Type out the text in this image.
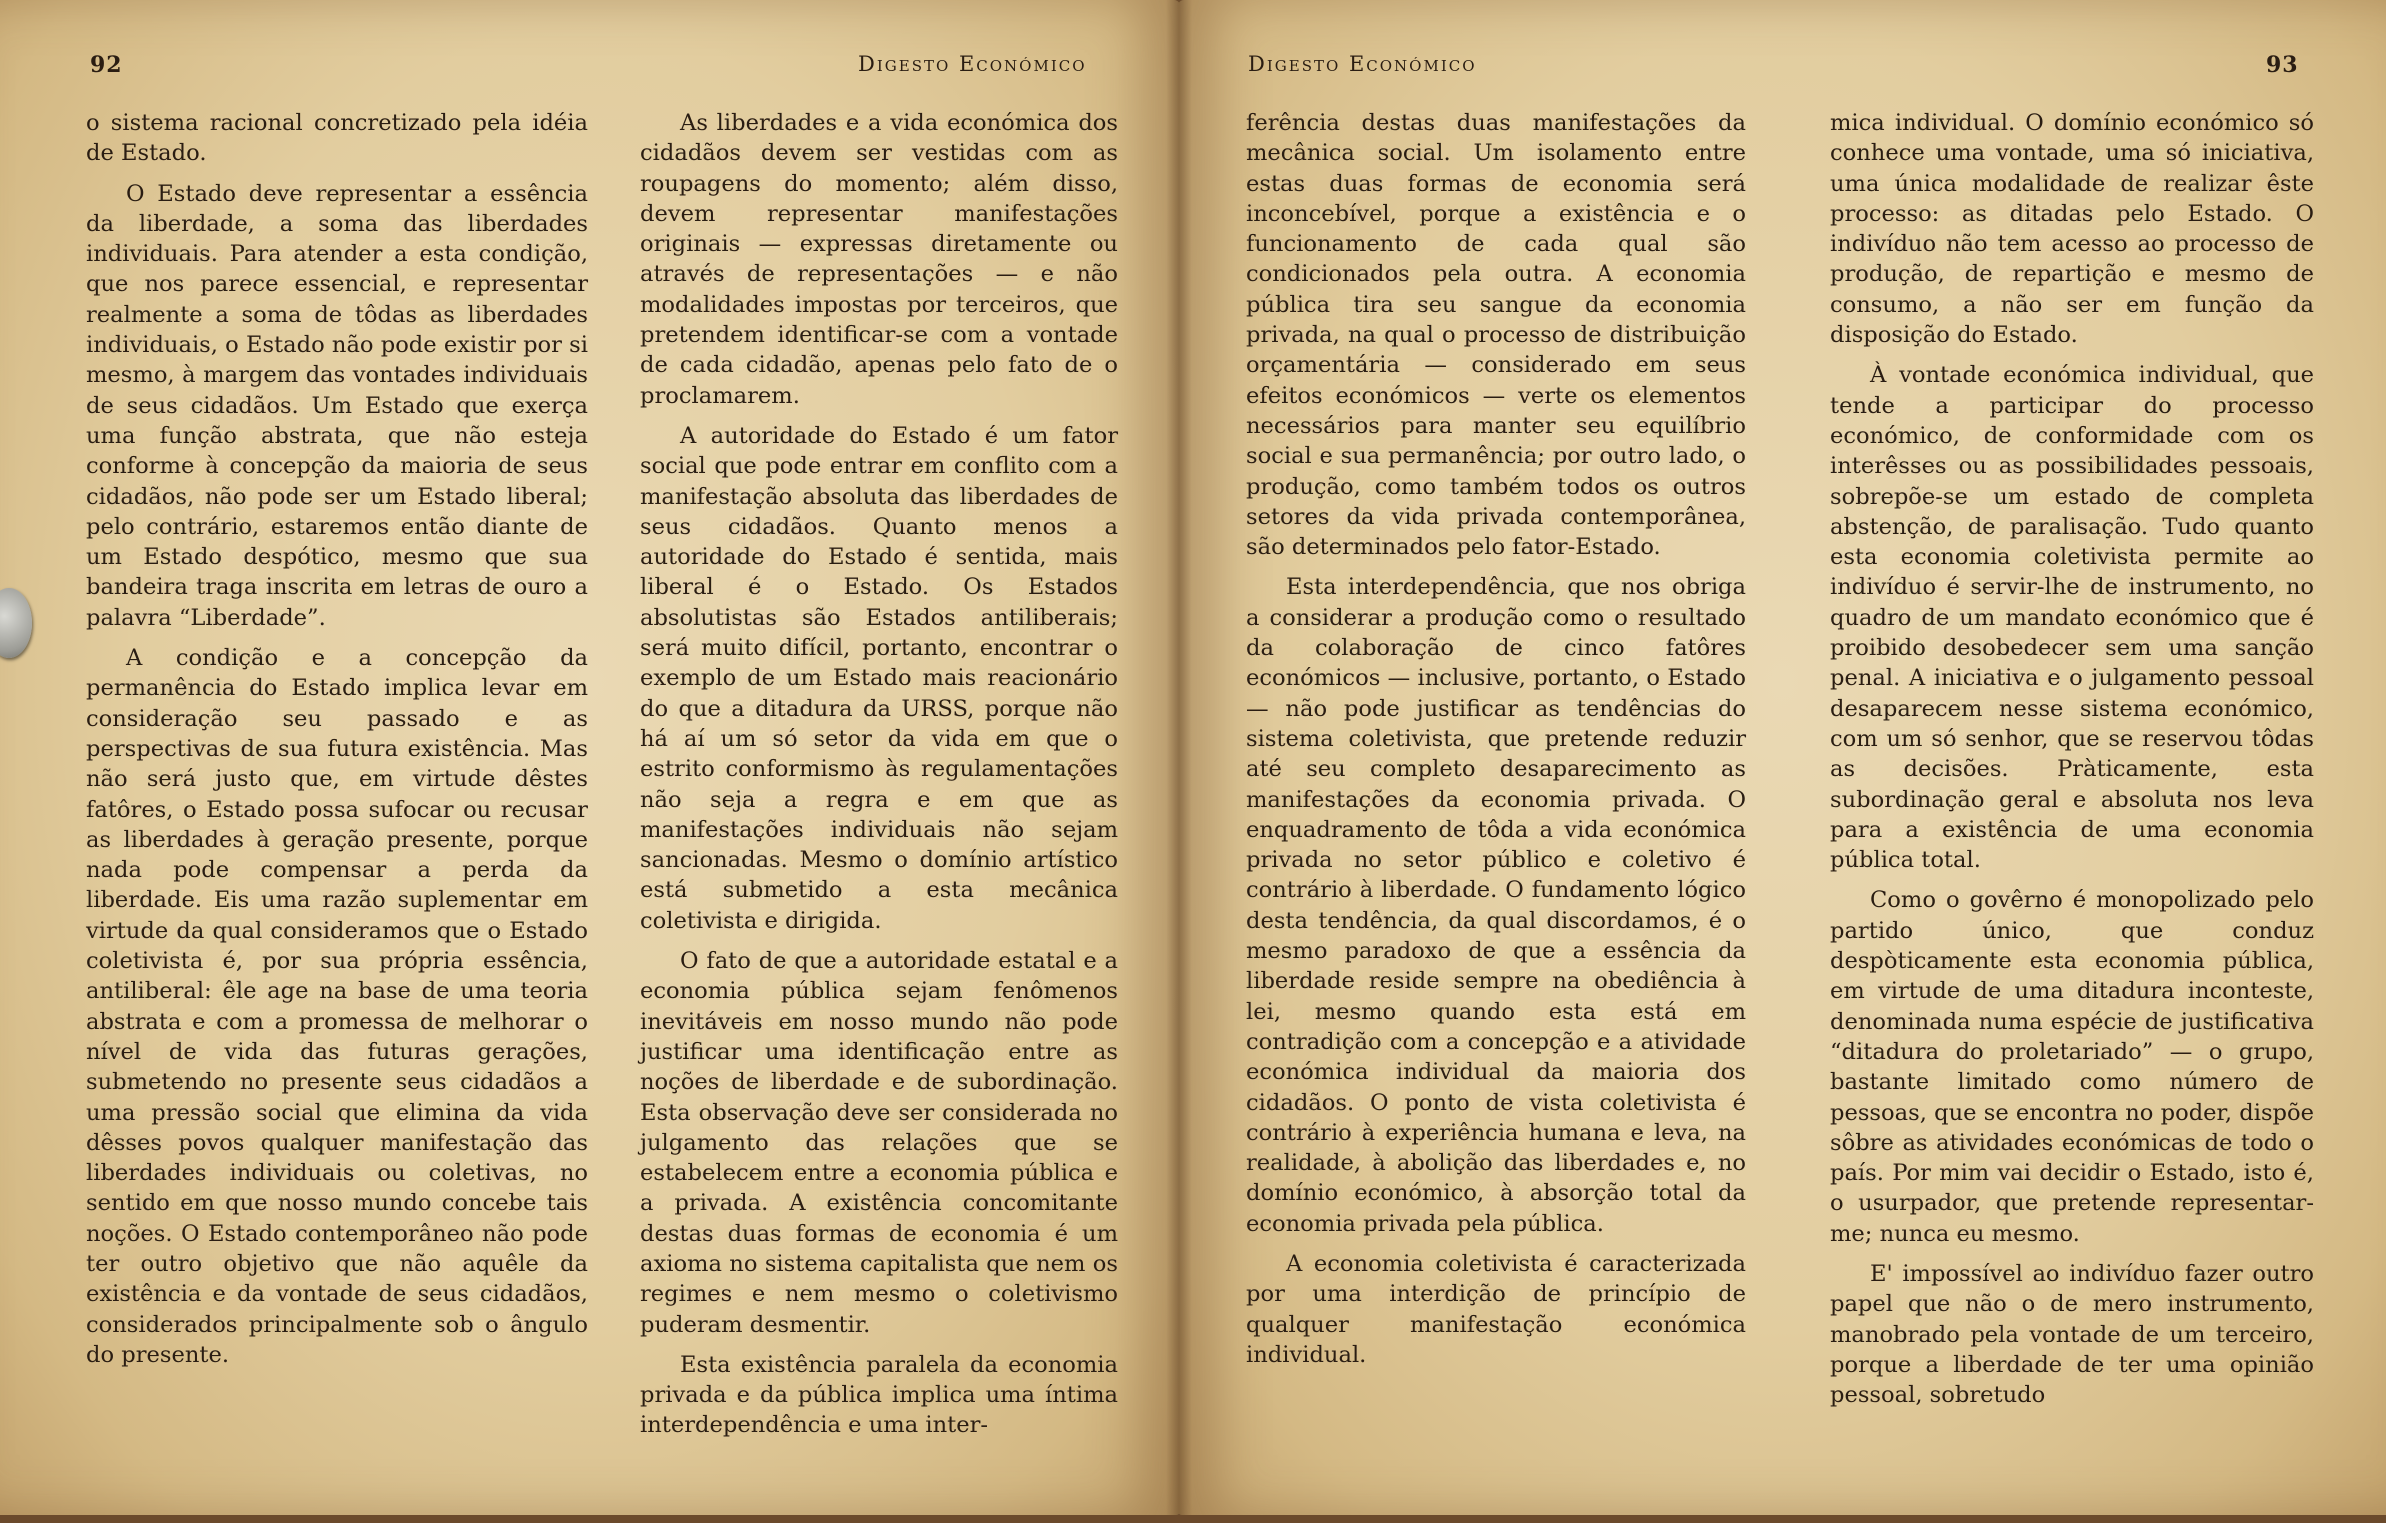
92	Digesto Económico

o sistema racional concretizado pela idéia de Estado.

O Estado deve representar a essência da liberdade, a soma das liberdades individuais. Para atender a esta condição, que nos parece essencial, e representar realmente a soma de tôdas as liberdades individuais, o Estado não pode existir por si mesmo, à margem das vontades individuais de seus cidadãos. Um Estado que exerça uma função abstrata, que não esteja conforme à concepção da maioria de seus cidadãos, não pode ser um Estado liberal; pelo contrário, estaremos então diante de um Estado despótico, mesmo que sua bandeira traga inscrita em letras de ouro a palavra “Liberdade”.

A condição e a concepção da permanência do Estado implica levar em consideração seu passado e as perspectivas de sua futura existência. Mas não será justo que, em virtude dêstes fatôres, o Estado possa sufocar ou recusar as liberdades à geração presente, porque nada pode compensar a perda da liberdade. Eis uma razão suplementar em virtude da qual consideramos que o Estado coletivista é, por sua própria essência, antiliberal: êle age na base de uma teoria abstrata e com a promessa de melhorar o nível de vida das futuras gerações, submetendo no presente seus cidadãos a uma pressão social que elimina da vida dêsses povos qualquer manifestação das liberdades individuais ou coletivas, no sentido em que nosso mundo concebe tais noções. O Estado contemporâneo não pode ter outro objetivo que não aquêle da existência e da vontade de seus cidadãos, considerados principalmente sob o ângulo do presente.

As liberdades e a vida económica dos cidadãos devem ser vestidas com as roupagens do momento; além disso, devem representar manifestações originais — expressas diretamente ou através de representações — e não modalidades impostas por terceiros, que pretendem identificar-se com a vontade de cada cidadão, apenas pelo fato de o proclamarem.

A autoridade do Estado é um fator social que pode entrar em conflito com a manifestação absoluta das liberdades de seus cidadãos. Quanto menos a autoridade do Estado é sentida, mais liberal é o Estado. Os Estados absolutistas são Estados antiliberais; será muito difícil, portanto, encontrar o exemplo de um Estado mais reacionário do que a ditadura da URSS, porque não há aí um só setor da vida em que o estrito conformismo às regulamentações não seja a regra e em que as manifestações individuais não sejam sancionadas. Mesmo o domínio artístico está submetido a esta mecânica coletivista e dirigida.

O fato de que a autoridade estatal e a economia pública sejam fenômenos inevitáveis em nosso mundo não pode justificar uma identificação entre as noções de liberdade e de subordinação. Esta observação deve ser considerada no julgamento das relações que se estabelecem entre a economia pública e a privada. A existência concomitante destas duas formas de economia é um axioma no sistema capitalista que nem os regimes e nem mesmo o coletivismo puderam desmentir.

Esta existência paralela da economia privada e da pública implica uma íntima interdependência e uma inter-

Digesto Económico	93

ferência destas duas manifestações da mecânica social. Um isolamento entre estas duas formas de economia será inconcebível, porque a existência e o funcionamento de cada qual são condicionados pela outra. A economia pública tira seu sangue da economia privada, na qual o processo de distribuição orçamentária — considerado em seus efeitos económicos — verte os elementos necessários para manter seu equilíbrio social e sua permanência; por outro lado, o produção, como também todos os outros setores da vida privada contemporânea, são determinados pelo fator-Estado.

Esta interdependência, que nos obriga a considerar a produção como o resultado da colaboração de cinco fatôres económicos — inclusive, portanto, o Estado — não pode justificar as tendências do sistema coletivista, que pretende reduzir até seu completo desaparecimento as manifestações da economia privada. O enquadramento de tôda a vida económica privada no setor público e coletivo é contrário à liberdade. O fundamento lógico desta tendência, da qual discordamos, é o mesmo paradoxo de que a essência da liberdade reside sempre na obediência à lei, mesmo quando esta está em contradição com a concepção e a atividade económica individual da maioria dos cidadãos. O ponto de vista coletivista é contrário à experiência humana e leva, na realidade, à abolição das liberdades e, no domínio económico, à absorção total da economia privada pela pública.

A economia coletivista é caracterizada por uma interdição de princípio de qualquer manifestação económica individual.

mica individual. O domínio económico só conhece uma vontade, uma só iniciativa, uma única modalidade de realizar êste processo: as ditadas pelo Estado. O indivíduo não tem acesso ao processo de produção, de repartição e mesmo de consumo, a não ser em função da disposição do Estado.

À vontade económica individual, que tende a participar do processo económico, de conformidade com os interêsses ou as possibilidades pessoais, sobrepõe-se um estado de completa abstenção, de paralisação. Tudo quanto esta economia coletivista permite ao indivíduo é servir-lhe de instrumento, no quadro de um mandato económico que é proibido desobedecer sem uma sanção penal. A iniciativa e o julgamento pessoal desaparecem nesse sistema económico, com um só senhor, que se reservou tôdas as decisões. Pràticamente, esta subordinação geral e absoluta nos leva para a existência de uma economia pública total.

Como o govêrno é monopolizado pelo partido único, que conduz despòticamente esta economia pública, em virtude de uma ditadura incontestе, denominada numa espécie de justificativa “ditadura do proletariado” — o grupo, bastante limitado como número de pessoas, que se encontra no poder, dispõe sôbre as atividades económicas de todo o país. Por mim vai decidir o Estado, isto é, o usurpador, que pretende representar-me; nunca eu mesmo.

E' impossível ao indivíduo fazer outro papel que não o de mero instrumento, manobrado pela vontade de um terceiro, porque a liberdade de ter uma opinião pessoal, sobretudo
